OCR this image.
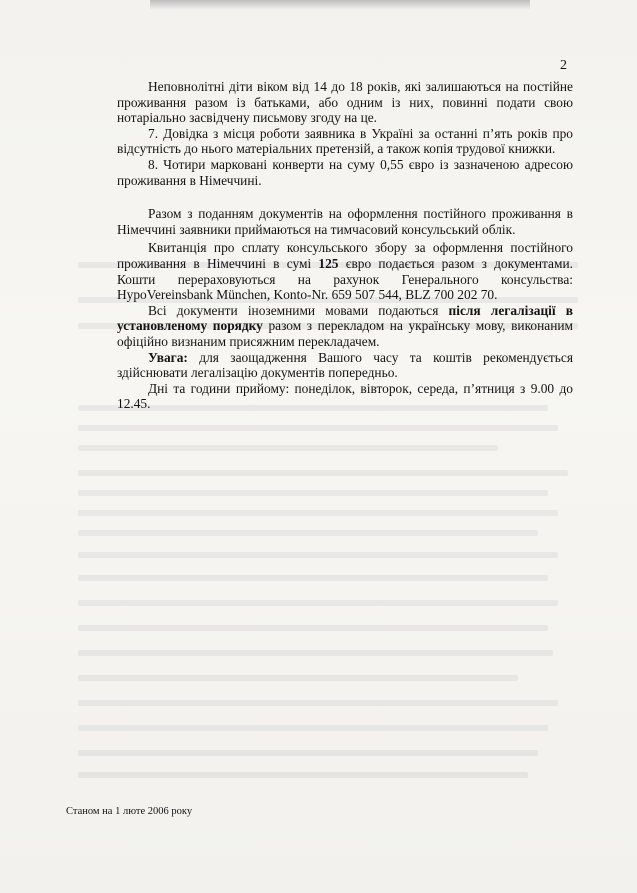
2

Неповнолітні діти віком від 14 до 18 років, які залишаються на постійне проживання разом із батьками, або одним із них, повинні подати свою нотаріально засвідчену письмову згоду на це.

7. Довідка з місця роботи заявника в Україні за останні п’ять років про відсутність до нього матеріальних претензій, а також копія трудової книжки.

8. Чотири марковані конверти на суму 0,55 євро із зазначеною адресою проживання в Німеччині.

Разом з поданням документів на оформлення постійного проживання в Німеччині заявники приймаються на тимчасовий консульський облік.

Квитанція про сплату консульського збору за оформлення постійного проживання в Німеччині в сумі 125 євро подається разом з документами. Кошти перераховуються на рахунок Генерального консульства: HypoVereinsbank München, Konto-Nr. 659 507 544, BLZ 700 202 70.

Всі документи іноземними мовами подаються після легалізації в установленому порядку разом з перекладом на українську мову, виконаним офіційно визнаним присяжним перекладачем.

Увага: для заощадження Вашого часу та коштів рекомендується здійснювати легалізацію документів попередньо.

Дні та години прийому: понеділок, вівторок, середа, п’ятниця з 9.00 до 12.45.

Станом на 1 люте 2006 року
